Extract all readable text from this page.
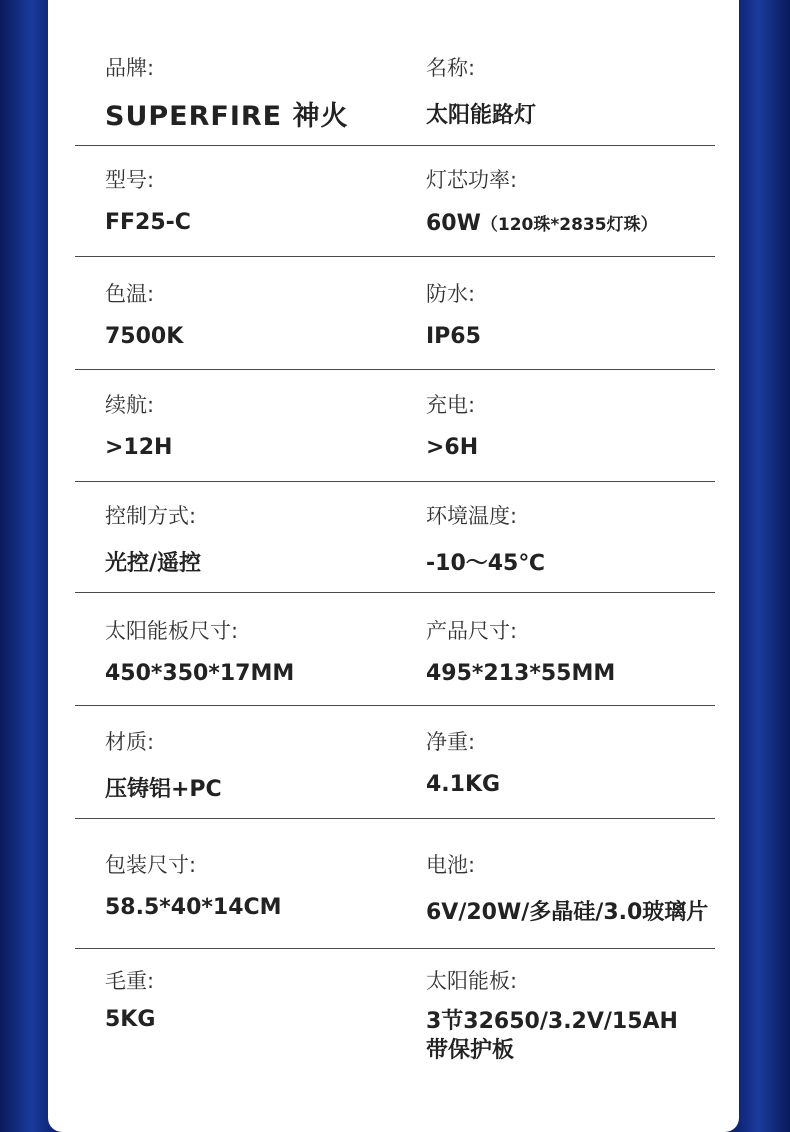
品牌:
SUPERFIRE 神火
名称:
太阳能路灯
型号:
FF25-C
灯芯功率:
60W（120珠*2835灯珠）
色温:
7500K
防水:
IP65
续航:
>12H
充电:
>6H
控制方式:
光控/遥控
环境温度:
-10～45℃
太阳能板尺寸:
450*350*17MM
产品尺寸:
495*213*55MM
材质:
压铸铝+PC
净重:
4.1KG
包装尺寸:
58.5*40*14CM
电池:
6V/20W/多晶硅/3.0玻璃片
毛重:
5KG
太阳能板:
3节32650/3.2V/15AH 带保护板
